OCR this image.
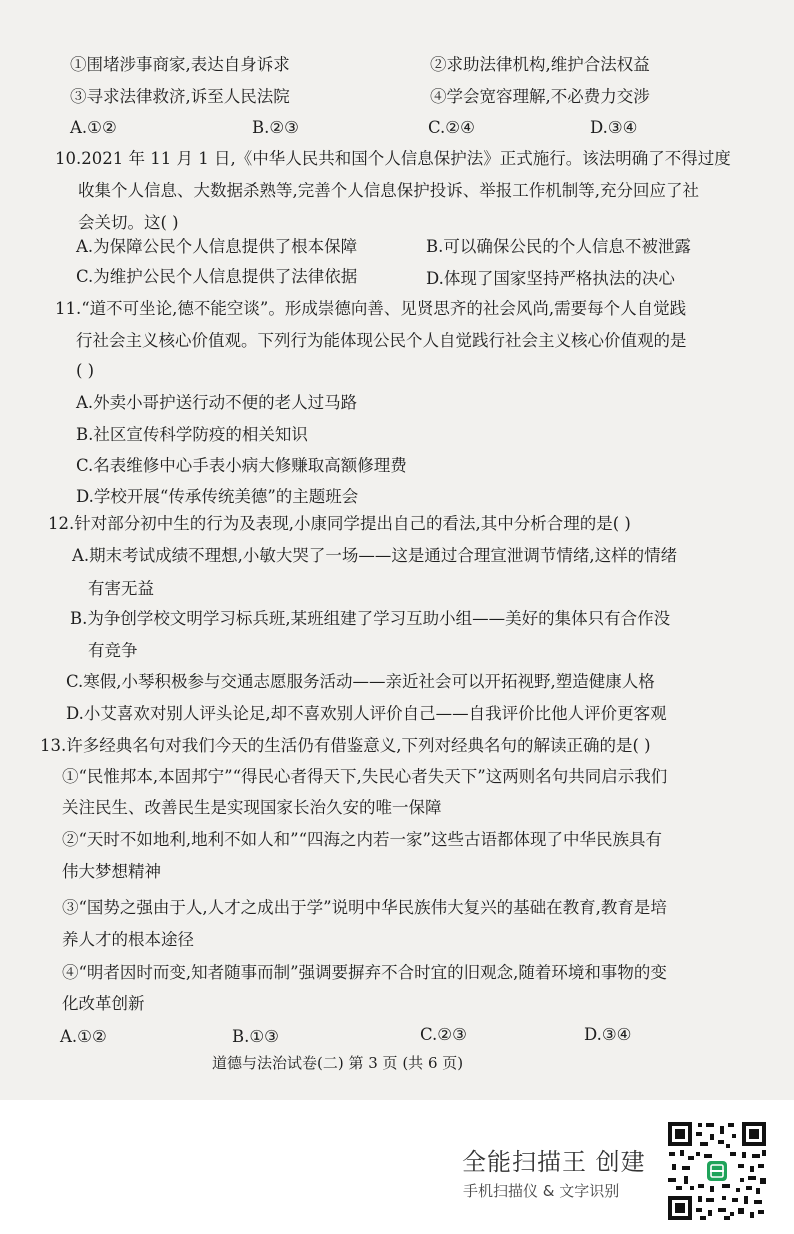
①围堵涉事商家,表达自身诉求	②求助法律机构,维护合法权益
③寻求法律救济,诉至人民法院	④学会宽容理解,不必费力交涉
A.①②	B.②③	C.②④	D.③④
10.2021 年 11 月 1 日,《中华人民共和国个人信息保护法》正式施行。该法明确了不得过度
收集个人信息、大数据杀熟等,完善个人信息保护投诉、举报工作机制等,充分回应了社
会关切。这( )
A.为保障公民个人信息提供了根本保障	B.可以确保公民的个人信息不被泄露
C.为维护公民个人信息提供了法律依据	D.体现了国家坚持严格执法的决心
11.“道不可坐论,德不能空谈”。形成崇德向善、见贤思齐的社会风尚,需要每个人自觉践
行社会主义核心价值观。下列行为能体现公民个人自觉践行社会主义核心价值观的是
( )
A.外卖小哥护送行动不便的老人过马路
B.社区宣传科学防疫的相关知识
C.名表维修中心手表小病大修赚取高额修理费
D.学校开展“传承传统美德”的主题班会
12.针对部分初中生的行为及表现,小康同学提出自己的看法,其中分析合理的是( )
A.期末考试成绩不理想,小敏大哭了一场——这是通过合理宣泄调节情绪,这样的情绪
有害无益
B.为争创学校文明学习标兵班,某班组建了学习互助小组——美好的集体只有合作没
有竞争
C.寒假,小琴积极参与交通志愿服务活动——亲近社会可以开拓视野,塑造健康人格
D.小艾喜欢对别人评头论足,却不喜欢别人评价自己——自我评价比他人评价更客观
13.许多经典名句对我们今天的生活仍有借鉴意义,下列对经典名句的解读正确的是( )
①“民惟邦本,本固邦宁”“得民心者得天下,失民心者失天下”这两则名句共同启示我们
关注民生、改善民生是实现国家长治久安的唯一保障
②“天时不如地利,地利不如人和”“四海之内若一家”这些古语都体现了中华民族具有
伟大梦想精神
③“国势之强由于人,人才之成出于学”说明中华民族伟大复兴的基础在教育,教育是培
养人才的根本途径
④“明者因时而变,知者随事而制”强调要摒弃不合时宜的旧观念,随着环境和事物的变
化改革创新
A.①②	B.①③	C.②③	D.③④
道德与法治试卷(二) 第 3 页 (共 6 页)
全能扫描王 创建
手机扫描仪 & 文字识别
